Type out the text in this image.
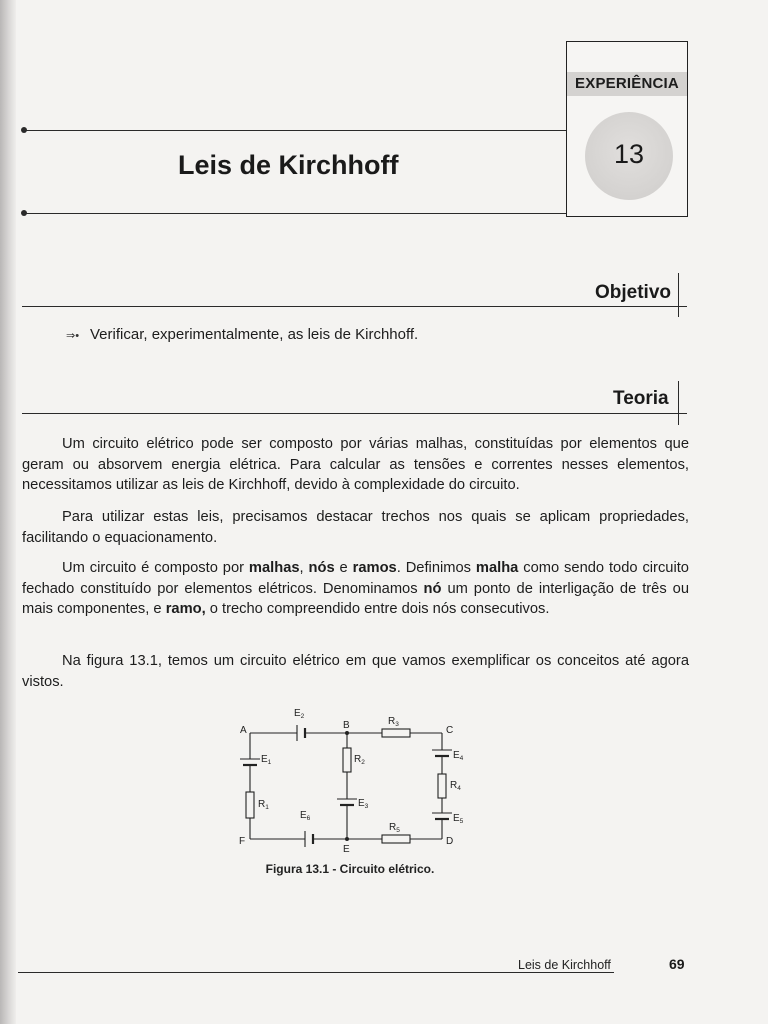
EXPERIÊNCIA
13
Leis de Kirchhoff
Objetivo
⇒• Verificar, experimentalmente, as leis de Kirchhoff.
Teoria

Um circuito elétrico pode ser composto por várias malhas, constituídas por elementos que geram ou absorvem energia elétrica. Para calcular as tensões e correntes nesses elementos, necessitamos utilizar as leis de Kirchhoff, devido à complexidade do circuito.

Para utilizar estas leis, precisamos destacar trechos nos quais se aplicam propriedades, facilitando o equacionamento.

Um circuito é composto por malhas, nós e ramos. Definimos malha como sendo todo circuito fechado constituído por elementos elétricos. Denominamos nó um ponto de interligação de três ou mais componentes, e ramo, o trecho compreendido entre dois nós consecutivos.

Na figura 13.1, temos um circuito elétrico em que vamos exemplificar os conceitos até agora vistos.

A	B	C
D
E
F
$E_2$
$E_1$
$E_3$
$E_4$
$E_5$
$E_6$
$R_3$
$R_2$
$R_1$
$R_4$
$R_5$
Figura 13.1 - Circuito elétrico.
Leis de Kirchhoff	69
